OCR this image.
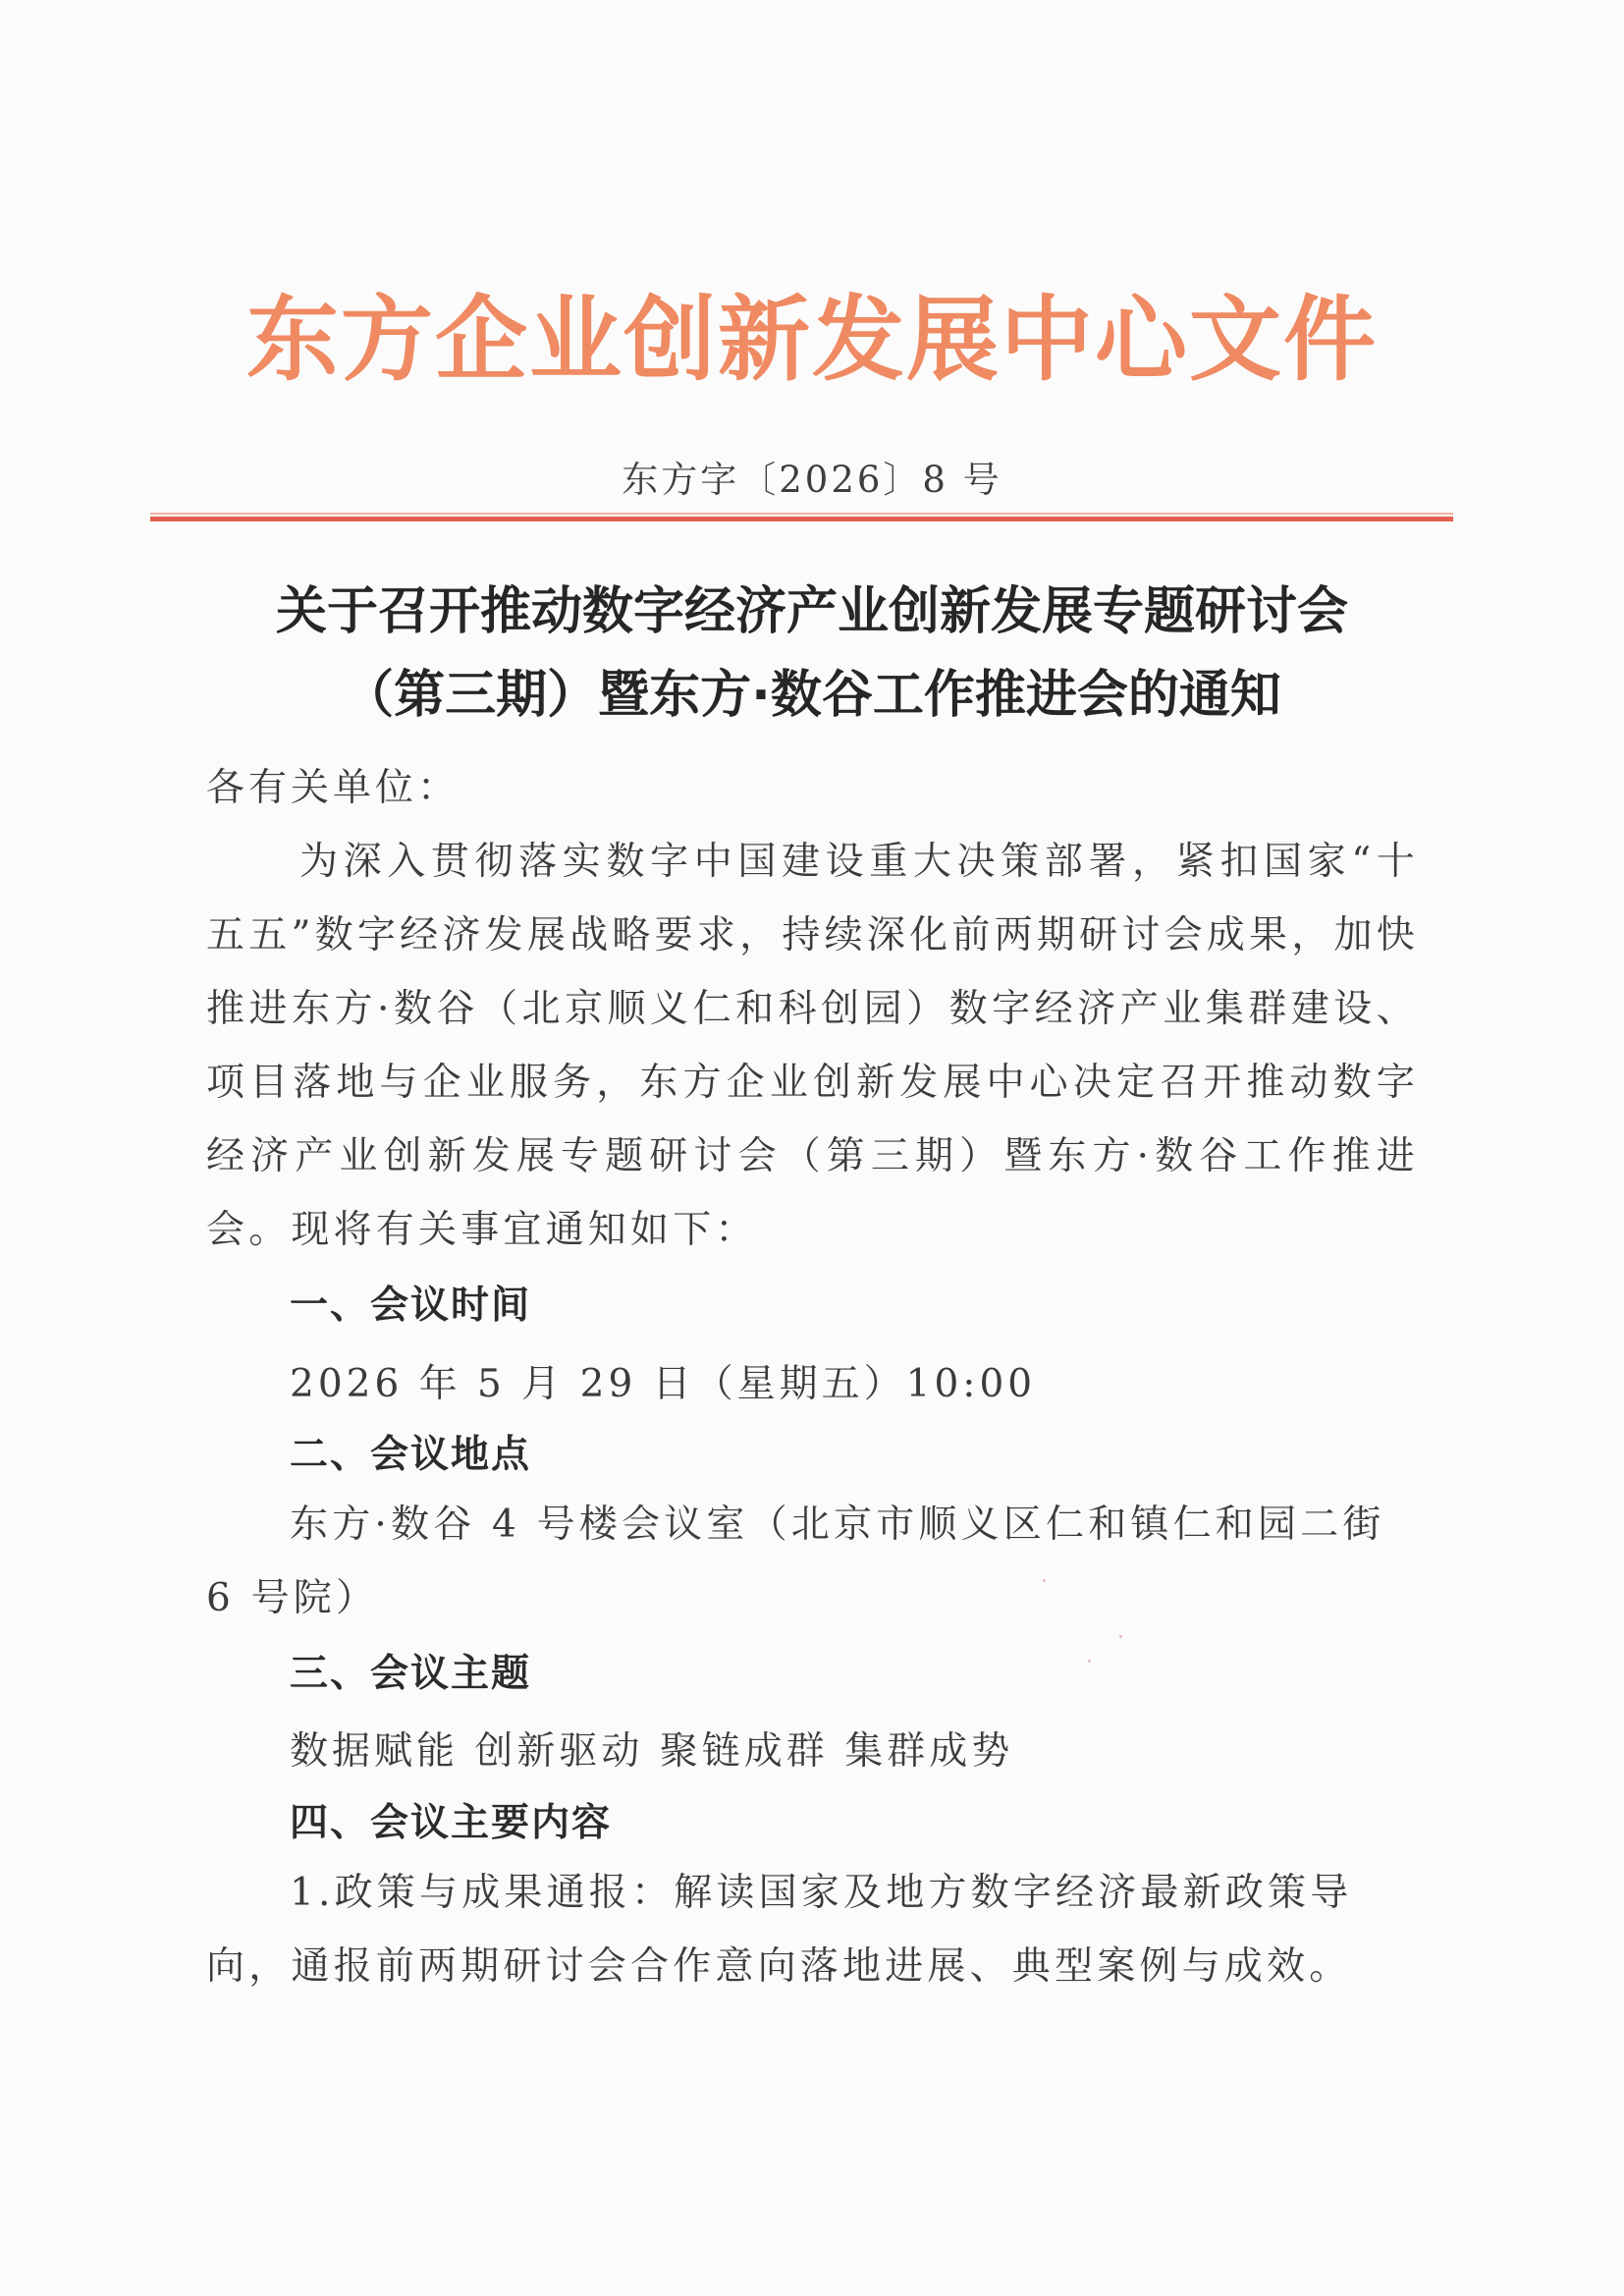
东方企业创新发展中心文件
东方字〔2026〕8 号
关于召开推动数字经济产业创新发展专题研讨会
（第三期）暨东方·数谷工作推进会的通知
各有关单位：
为深入贯彻落实数字中国建设重大决策部署，紧扣国家“十五五”数字经济发展战略要求，持续深化前两期研讨会成果，加快推进东方·数谷（北京顺义仁和科创园）数字经济产业集群建设、项目落地与企业服务，东方企业创新发展中心决定召开推动数字经济产业创新发展专题研讨会（第三期）暨东方·数谷工作推进会。现将有关事宜通知如下：
一、会议时间
2026 年 5 月 29 日（星期五）10:00
二、会议地点
东方·数谷 4 号楼会议室（北京市顺义区仁和镇仁和园二街 6 号院）
三、会议主题
数据赋能 创新驱动 聚链成群 集群成势
四、会议主要内容
1.政策与成果通报：解读国家及地方数字经济最新政策导向，通报前两期研讨会合作意向落地进展、典型案例与成效。
